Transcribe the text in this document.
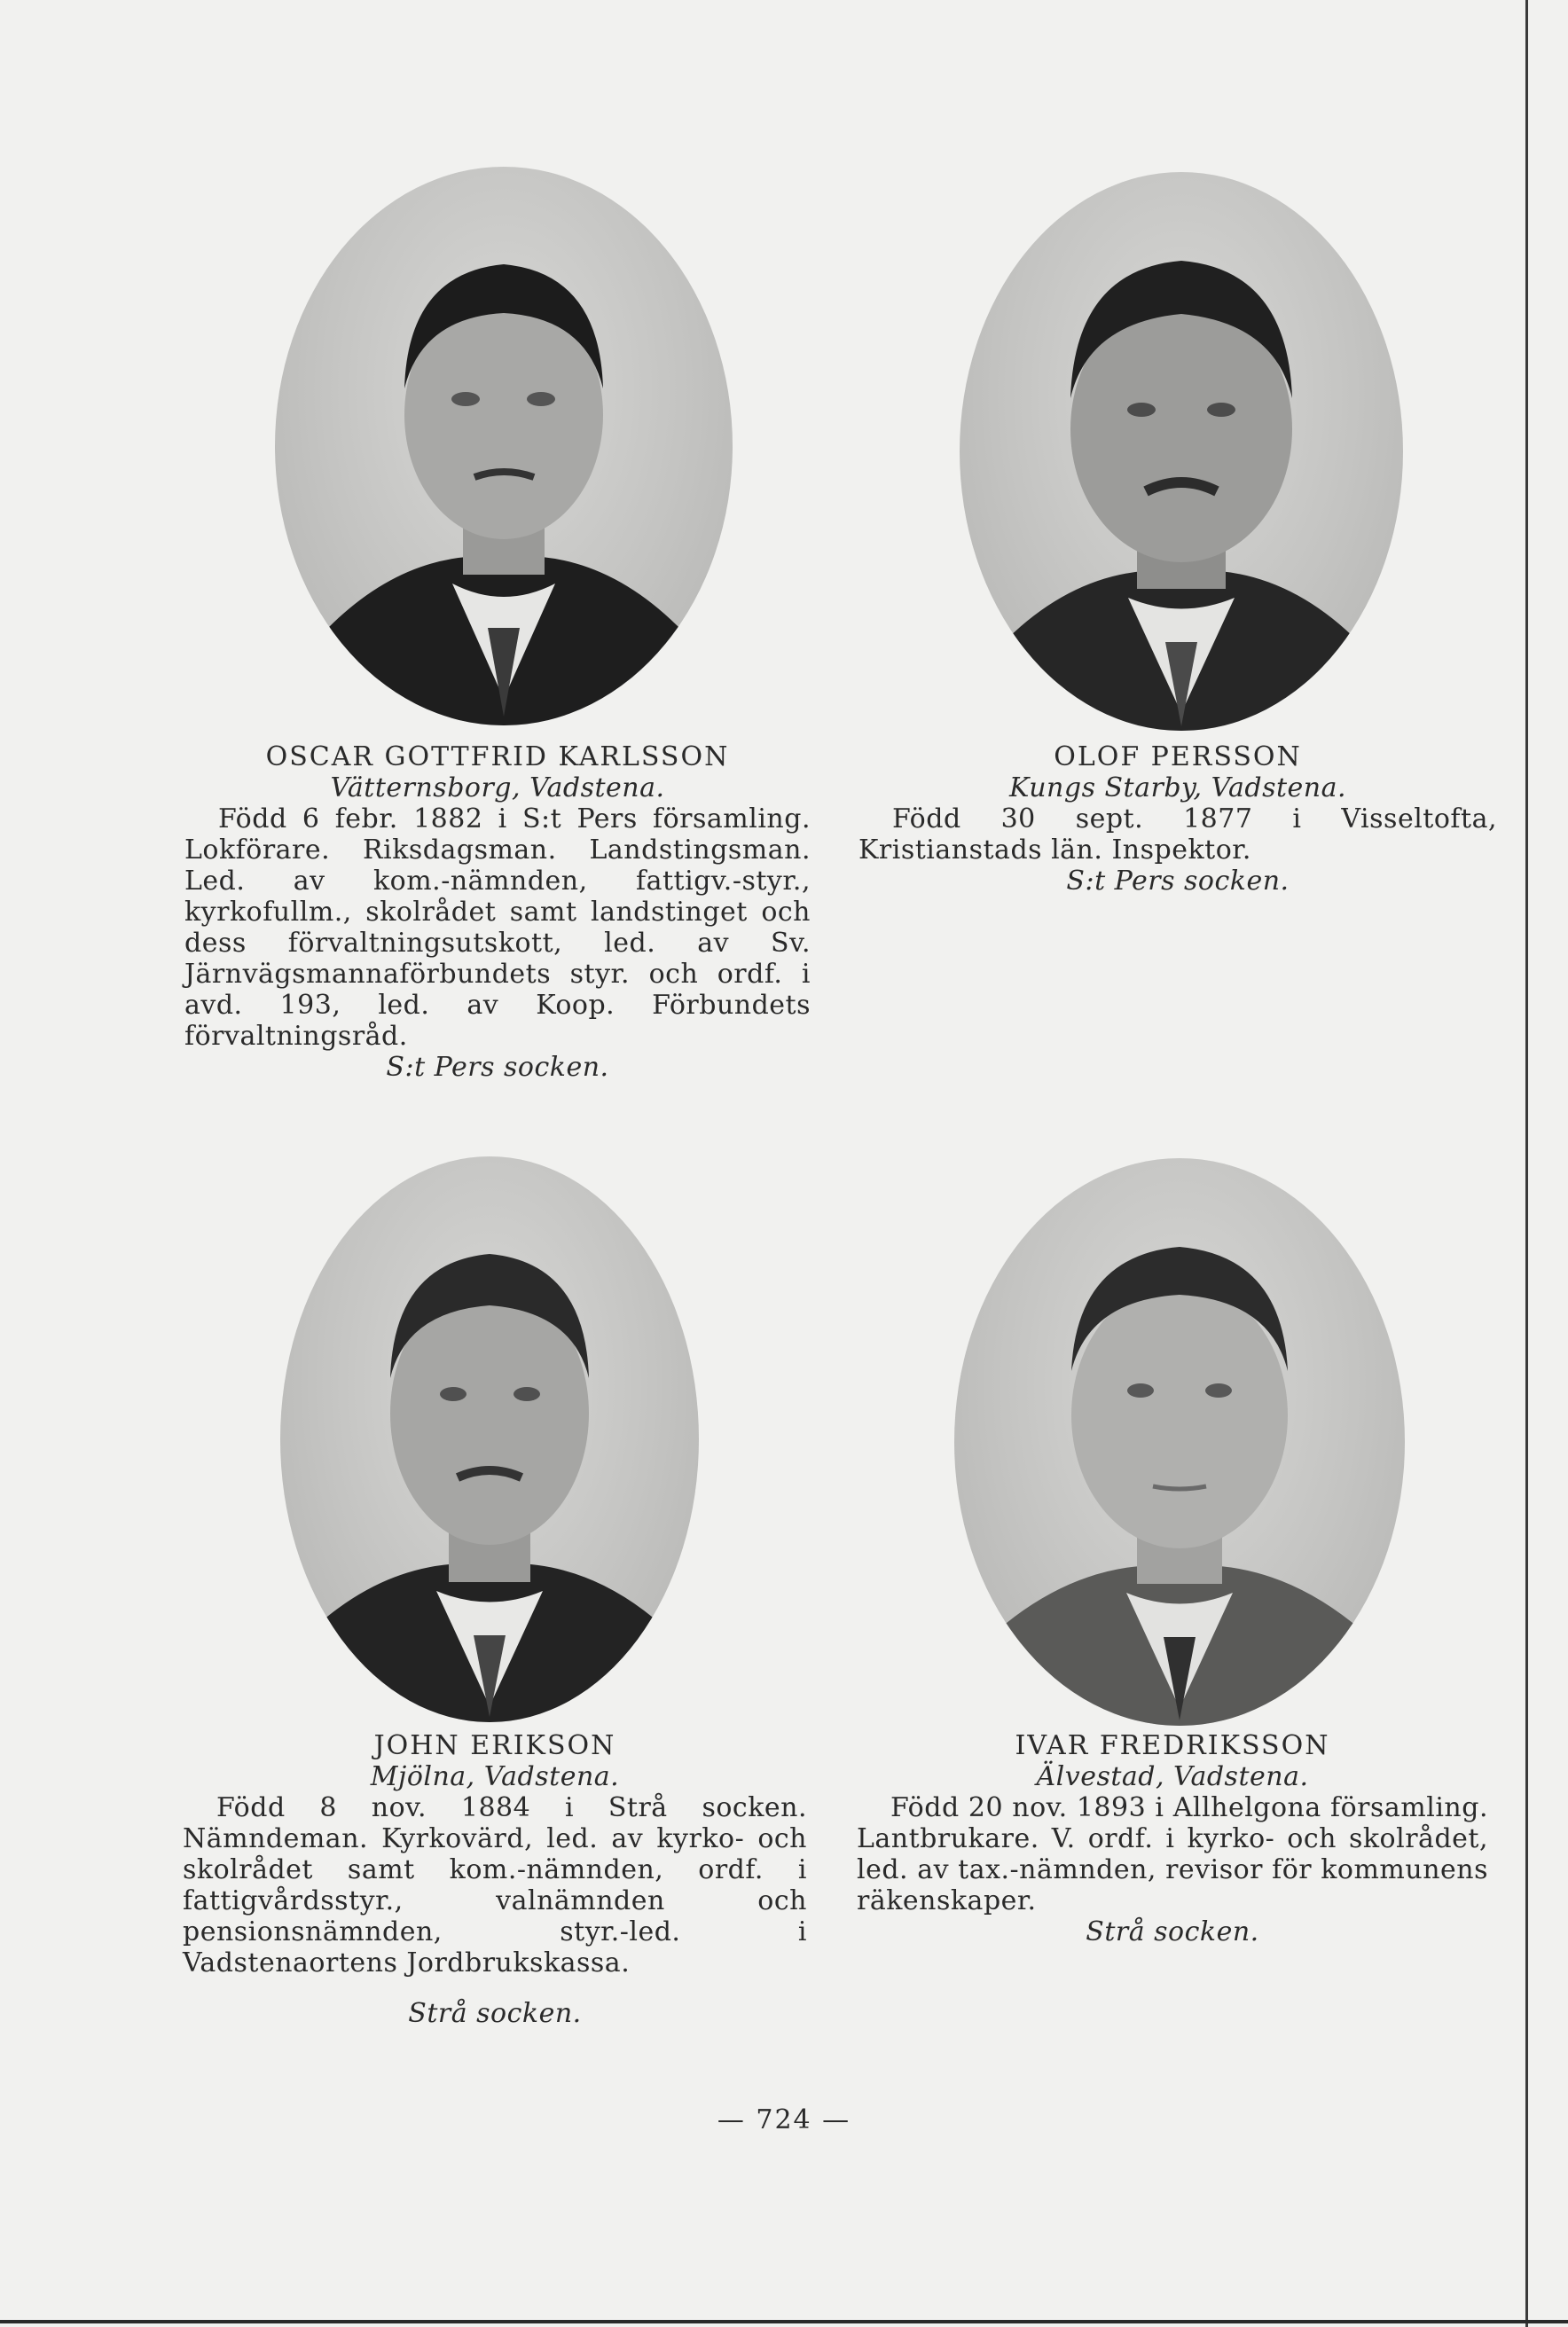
OSCAR GOTTFRID KARLSSON
Vätternsborg, Vadstena.
Född 6 febr. 1882 i S:t Pers församling. Lokförare. Riksdagsman. Landstingsman. Led. av kom.-nämnden, fattigv.-styr., kyrkofullm., skolrådet samt landstinget och dess förvaltningsutskott, led. av Sv. Järnvägsmannaförbundets styr. och ordf. i avd. 193, led. av Koop. Förbundets förvaltningsråd.
S:t Pers socken.
OLOF PERSSON
Kungs Starby, Vadstena.
Född 30 sept. 1877 i Visseltofta, Kristianstads län. Inspektor.
S:t Pers socken.
JOHN ERIKSON
Mjölna, Vadstena.
Född 8 nov. 1884 i Strå socken. Nämndeman. Kyrkovärd, led. av kyrko- och skolrådet samt kom.-nämnden, ordf. i fattigvårdsstyr., valnämnden och pensionsnämnden, styr.-led. i Vadstenaortens Jordbrukskassa.
Strå socken.
IVAR FREDRIKSSON
Älvestad, Vadstena.
Född 20 nov. 1893 i Allhelgona församling. Lantbrukare. V. ordf. i kyrko- och skolrådet, led. av tax.-nämnden, revisor för kommunens räkenskaper.
Strå socken.
— 724 —
